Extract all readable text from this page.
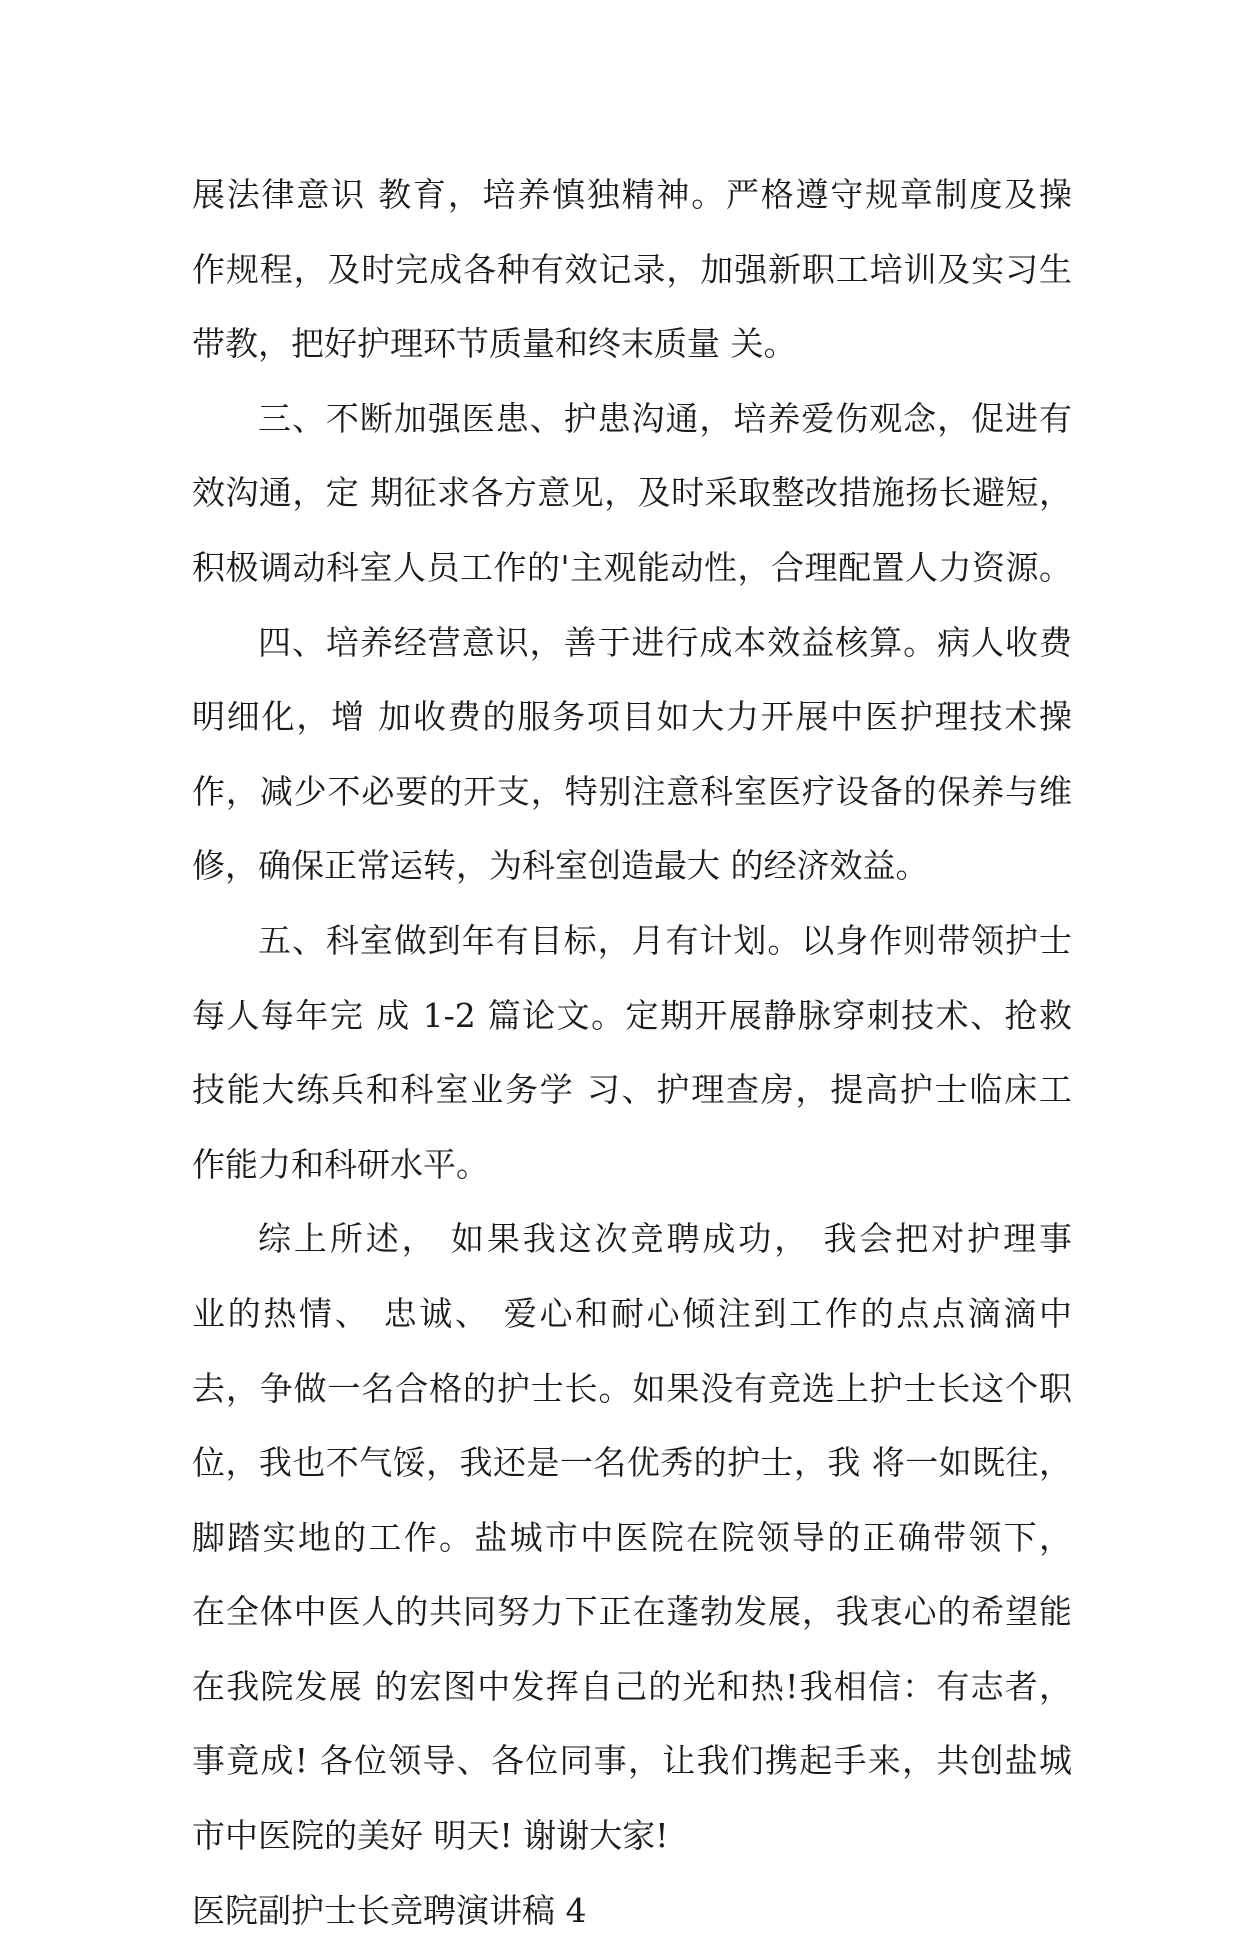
展法律意识 教育，培养慎独精神。严格遵守规章制度及操
作规程，及时完成各种有效记录，加强新职工培训及实习生
带教，把好护理环节质量和终末质量 关。
三、不断加强医患、护患沟通，培养爱伤观念，促进有
效沟通，定 期征求各方意见，及时采取整改措施扬长避短，
积极调动科室人员工作的'主观能动性，合理配置人力资源。
四、培养经营意识，善于进行成本效益核算。病人收费
明细化，增 加收费的服务项目如大力开展中医护理技术操
作，减少不必要的开支，特别注意科室医疗设备的保养与维
修，确保正常运转，为科室创造最大 的经济效益。
五、科室做到年有目标，月有计划。以身作则带领护士
每人每年完 成 1-2 篇论文。定期开展静脉穿刺技术、抢救
技能大练兵和科室业务学 习、护理查房，提高护士临床工
作能力和科研水平。
综上所述， 如果我这次竞聘成功， 我会把对护理事
业的热情、 忠诚、 爱心和耐心倾注到工作的点点滴滴中
去，争做一名合格的护士长。如果没有竞选上护士长这个职
位，我也不气馁，我还是一名优秀的护士，我 将一如既往，
脚踏实地的工作。盐城市中医院在院领导的正确带领下，
在全体中医人的共同努力下正在蓬勃发展，我衷心的希望能
在我院发展 的宏图中发挥自己的光和热!我相信：有志者，
事竟成! 各位领导、各位同事，让我们携起手来，共创盐城
市中医院的美好 明天! 谢谢大家!
医院副护士长竞聘演讲稿 4
